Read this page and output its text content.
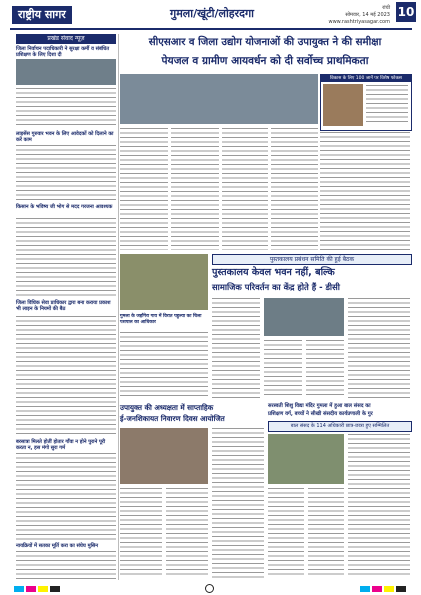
राष्ट्रीय सागर	गुमला/खूंटी/लोहरदगा	रांची
सोमवार, 14 मई 2023
www.rashtriyasagar.com
10
प्रखंड संवाद न्यूज़
जिला निर्वाचन पदाधिकारी ने सुरक्षा कर्मी व संबंधित प्रशिक्षण के लिए दिशा दी
लाइसेंस गुरुवार भवन के लिए आवेदकों को दिलाने का करें काम
किसान के भविष्य जी भोग से मदद गरजना आवश्यक
जिला विधिक सेवा प्राधिकार द्वारा बना कराया प्रकाश भी लाइन के नियमों की बैठ
बरसात्रा मिलते होतीं होतार गाँवा न होने पुराने पूरी करता न, हस मंगो सुरा गर्म
नायक्रियों में सतका मूर्ति करा का संघेघ मुसिन
सीएसआर व जिला उद्योग योजनाओं की उपायुक्त ने की समीक्षा
पेयजल व ग्रामीण आयवर्धन को दी सर्वोच्च प्राथमिकता
विकास के लिए 100 जानें पर विशेष फोकस
पुस्तकालय प्रबंधन समिति की हुई बैठक
पुस्तकालय केवल भवन नहीं, बल्कि
सामाजिक परिवर्तन का केंद्र होते हैं - डीसी
गुमला के जहाँगेरा गाय में विरात पहुल्या का चिला पशपाल का आधिकार
उपायुक्त की अध्यक्षता में साप्ताहिक
ई-जनशिकायत निवारण दिवस आयोजित
सरस्वती शिशु विद्या मंदिर गुमला में हुआ बाल संसद का
प्रशिक्षण वर्ग, बच्चों ने सीखी संसदीय कार्यप्रणाली के गुर
बाल संसद के 114 अधिकारी छात्र-छात्रा हुए सम्मिलित
